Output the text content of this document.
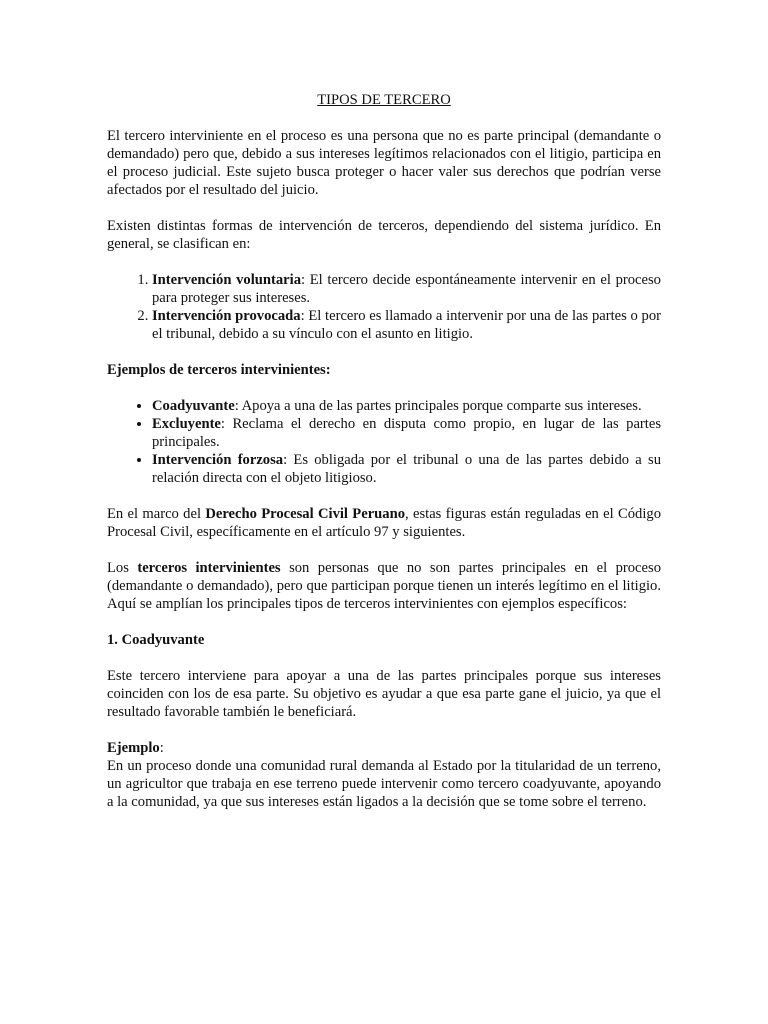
TIPOS DE TERCERO

El tercero interviniente en el proceso es una persona que no es parte principal (demandante o demandado) pero que, debido a sus intereses legítimos relacionados con el litigio, participa en el proceso judicial. Este sujeto busca proteger o hacer valer sus derechos que podrían verse afectados por el resultado del juicio.

Existen distintas formas de intervención de terceros, dependiendo del sistema jurídico. En general, se clasifican en:

1. Intervención voluntaria: El tercero decide espontáneamente intervenir en el proceso para proteger sus intereses.
2. Intervención provocada: El tercero es llamado a intervenir por una de las partes o por el tribunal, debido a su vínculo con el asunto en litigio.

Ejemplos de terceros intervinientes:

• Coadyuvante: Apoya a una de las partes principales porque comparte sus intereses.
• Excluyente: Reclama el derecho en disputa como propio, en lugar de las partes principales.
• Intervención forzosa: Es obligada por el tribunal o una de las partes debido a su relación directa con el objeto litigioso.

En el marco del Derecho Procesal Civil Peruano, estas figuras están reguladas en el Código Procesal Civil, específicamente en el artículo 97 y siguientes.

Los terceros intervinientes son personas que no son partes principales en el proceso (demandante o demandado), pero que participan porque tienen un interés legítimo en el litigio. Aquí se amplían los principales tipos de terceros intervinientes con ejemplos específicos:

1. Coadyuvante

Este tercero interviene para apoyar a una de las partes principales porque sus intereses coinciden con los de esa parte. Su objetivo es ayudar a que esa parte gane el juicio, ya que el resultado favorable también le beneficiará.

Ejemplo:

En un proceso donde una comunidad rural demanda al Estado por la titularidad de un terreno, un agricultor que trabaja en ese terreno puede intervenir como tercero coadyuvante, apoyando a la comunidad, ya que sus intereses están ligados a la decisión que se tome sobre el terreno.
